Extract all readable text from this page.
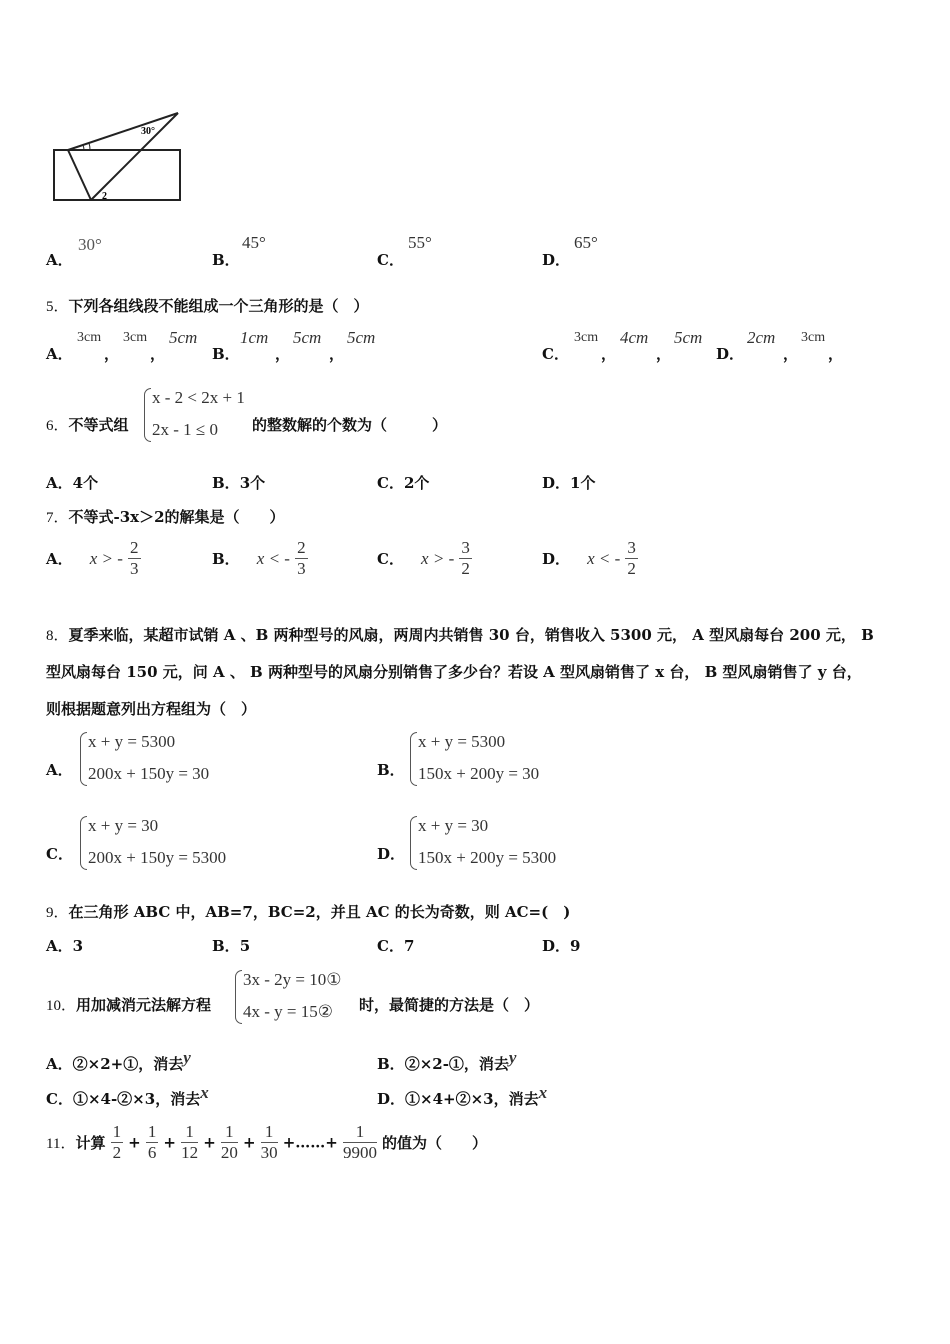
30°
2
A．
30°
B．
45°
C．
55°
D．
65°
5．下列各组线段不能组成一个三角形的是（　）
A．
3cm
，
3cm
，
5cm
B．
1cm
，
5cm
，
5cm
C．
3cm
，
4cm
，
5cm
D．
2cm
，
3cm
，
6．不等式组
x - 2 < 2x + 1
2x - 1 ≤ 0 的整数解的个数为（　　　）
A．4个	B．3个	C．2个	D．1个
7．不等式-3x＞2的解集是（　　）
A． x > - $\frac{2}{3}$	B． x < - $\frac{2}{3}$	C． x > - $\frac{3}{2}$	D． x < - $\frac{3}{2}$
8．夏季来临，某超市试销 A 、B 两种型号的风扇，两周内共销售 30 台，销售收入 5300 元， A 型风扇每台 200 元， B
型风扇每台 150 元，问 A 、 B 两种型号的风扇分别销售了多少台？若设 A 型风扇销售了 x 台， B 型风扇销售了 y 台，
则根据题意列出方程组为（　）
A．
x + y = 5300
200x + 150y = 30	B．
x + y = 5300
150x + 200y = 30
C．
x + y = 30
200x + 150y = 5300	D．
x + y = 30
150x + 200y = 5300
9．在三角形 ABC 中，AB=7，BC=2，并且 AC 的长为奇数，则 AC=(　)
A．3	B．5	C．7	D．9
10．用加减消元法解方程
3x - 2y = 10①
4x - y = 15② 时，最简捷的方法是（　）
A．②×2+①，消去y	B．②×2-①，消去y
C．①×4-②×3，消去x	D．①×4+②×3，消去x
11．计算 $\frac{1}{2} + \frac{1}{6} + \frac{1}{12} + \frac{1}{20} + \frac{1}{30}$ +……+ $\frac{1}{9900}$ 的值为（　　）
